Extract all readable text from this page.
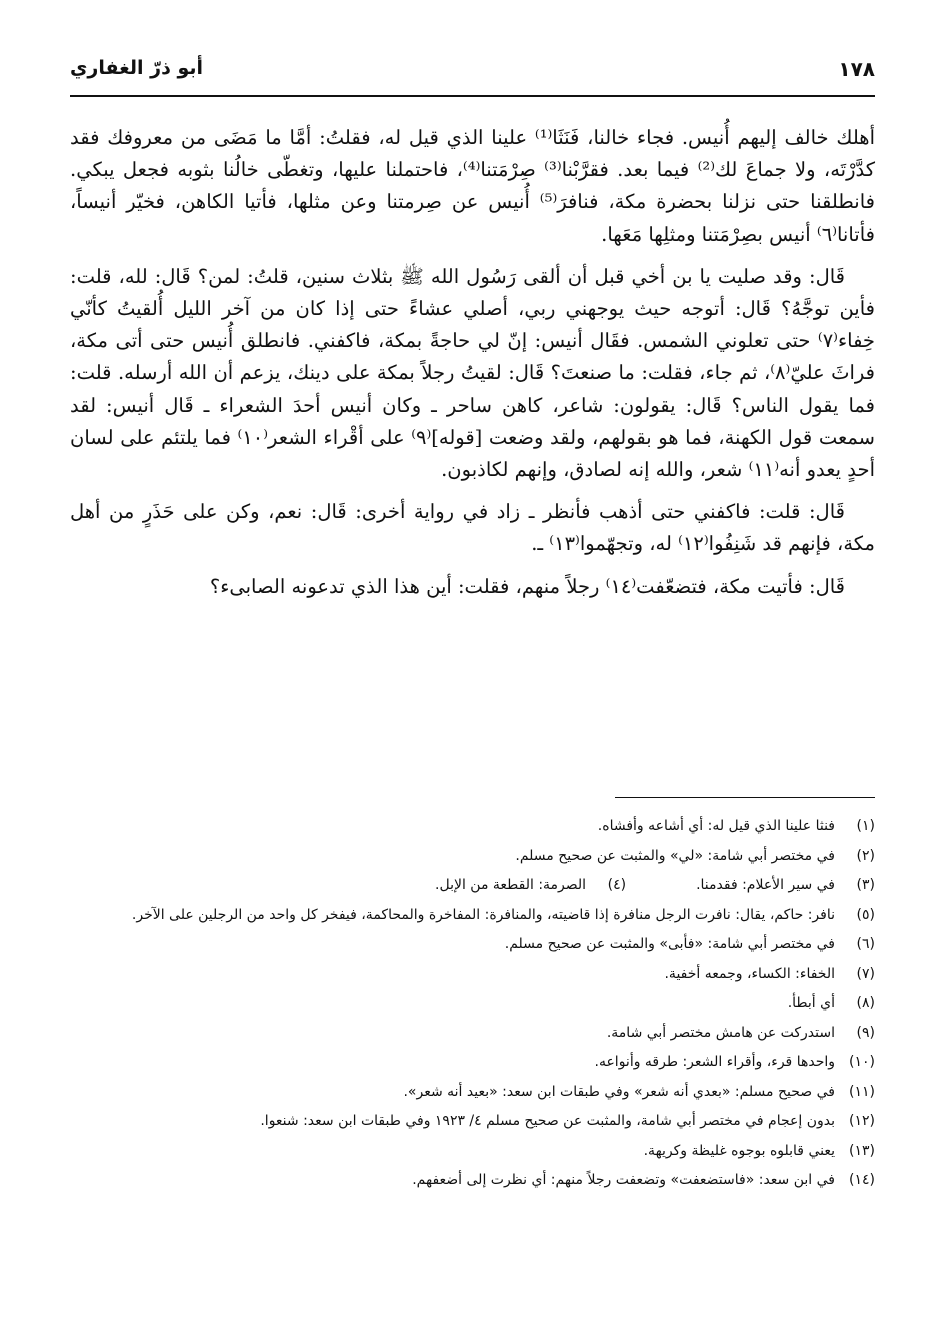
١٧٨
أبو ذرّ الغفاري

أهلك خالف إليهم أُنيس. فجاء خالنا، فَنَثَا⁽¹⁾ علينا الذي قيل له، فقلتُ: أمَّا ما مَضَى من معروفك فقد كدَّرْتَه، ولا جماعَ لك⁽²⁾ فيما بعد. فقرَّبْنا⁽³⁾ صِرْمَتنا⁽⁴⁾، فاحتملنا عليها، وتغطّى خالُنا بثوبه فجعل يبكي. فانطلقنا حتى نزلنا بحضرة مكة، فنافرَ⁽⁵⁾ أُنيس عن صِرمتنا وعن مثلها، فأتيا الكاهن، فخيّر أنيساً، فأتانا⁽٦⁾ أنيس بصِرْمَتنا ومثلِها مَعَها.

قَال: وقد صليت يا بن أخي قبل أن ألقى رَسُول الله ﷺ بثلاث سنين، قلتُ: لمن؟ قَال: لله، قلت: فأين توجَّهُ؟ قَال: أتوجه حيث يوجهني ربي، أصلي عشاءً حتى إذا كان من آخر الليل أُلقيتُ كأنّي خِفاء⁽٧⁾ حتى تعلوني الشمس. فقَال أنيس: إنّ لي حاجةً بمكة، فاكفني. فانطلق أُنيس حتى أتى مكة، فراثَ عليّ⁽٨⁾، ثم جاء، فقلت: ما صنعتَ؟ قَال: لقيتُ رجلاً بمكة على دينك، يزعم أن الله أرسله. قلت: فما يقول الناس؟ قَال: يقولون: شاعر، كاهن ساحر ـ وكان أنيس أحدَ الشعراء ـ قَال أنيس: لقد سمعت قول الكهنة، فما هو بقولهم، ولقد وضعت [قوله]⁽٩⁾ على أقْراء الشعر⁽١٠⁾ فما يلتئم على لسان أحدٍ يعدو أنه⁽١١⁾ شعر، والله إنه لصادق، وإنهم لكاذبون.

قَال: قلت: فاكفني حتى أذهب فأنظر ـ زاد في رواية أخرى: قَال: نعم، وكن على حَذَرٍ من أهل مكة، فإنهم قد شَنِفُوا⁽١٢⁾ له، وتجهّموا⁽١٣⁾ ـ.

قَال: فأتيت مكة، فتضعّفت⁽١٤⁾ رجلاً منهم، فقلت: أين هذا الذي تدعونه الصابىء؟

(١)
فنثا علينا الذي قيل له: أي أشاعه وأفشاه.
(٢)
في مختصر أبي شامة: «لي» والمثبت عن صحيح مسلم.
(٣)
في سير الأعلام: فقدمنا.
(٤)
الصرمة: القطعة من الإبل.
(٥)
نافر: حاكم، يقال: نافرت الرجل منافرة إذا قاضيته، والمنافرة: المفاخرة والمحاكمة، فيفخر كل واحد من الرجلين على الآخر.
(٦)
في مختصر أبي شامة: «فأبى» والمثبت عن صحيح مسلم.
(٧)
الخفاء: الكساء، وجمعه أخفية.
(٨)
أي أبطأ.
(٩)
استدركت عن هامش مختصر أبي شامة.
(١٠)
واحدها قرء، وأقراء الشعر: طرقه وأنواعه.
(١١)
في صحيح مسلم: «بعدي أنه شعر» وفي طبقات ابن سعد: «بعيد أنه شعر».
(١٢)
بدون إعجام في مختصر أبي شامة، والمثبت عن صحيح مسلم ٤/ ١٩٢٣ وفي طبقات ابن سعد: شنعوا.
(١٣)
يعني قابلوه بوجوه غليظة وكريهة.
(١٤)
في ابن سعد: «فاستضعفت» وتضعفت رجلاً منهم: أي نظرت إلى أضعفهم.
